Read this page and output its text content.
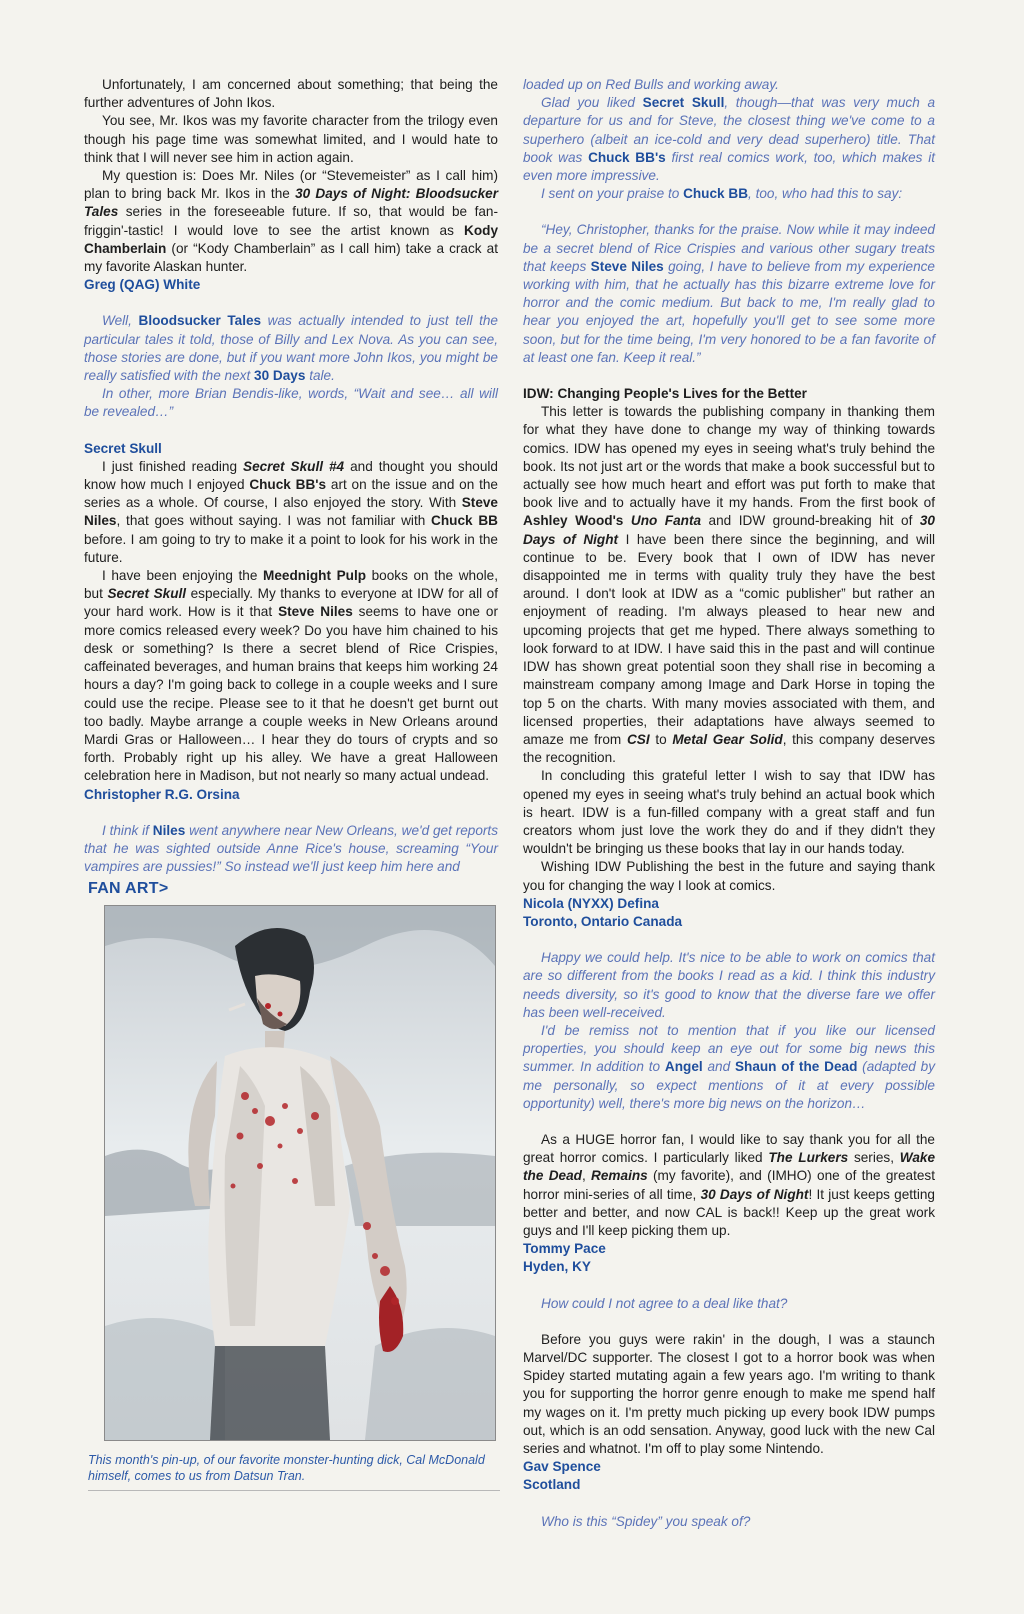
Unfortunately, I am concerned about something; that being the further adventures of John Ikos.

You see, Mr. Ikos was my favorite character from the trilogy even though his page time was somewhat limited, and I would hate to think that I will never see him in action again.

My question is: Does Mr. Niles (or “Stevemeister” as I call him) plan to bring back Mr. Ikos in the 30 Days of Night: Bloodsucker Tales series in the foreseeable future. If so, that would be fan-friggin'-tastic! I would love to see the artist known as Kody Chamberlain (or “Kody Chamberlain” as I call him) take a crack at my favorite Alaskan hunter.

Greg (QAG) White

Well, Bloodsucker Tales was actually intended to just tell the particular tales it told, those of Billy and Lex Nova. As you can see, those stories are done, but if you want more John Ikos, you might be really satisfied with the next 30 Days tale.

In other, more Brian Bendis-like, words, “Wait and see… all will be revealed…”

Secret Skull

I just finished reading Secret Skull #4 and thought you should know how much I enjoyed Chuck BB's art on the issue and on the series as a whole. Of course, I also enjoyed the story. With Steve Niles, that goes without saying. I was not familiar with Chuck BB before. I am going to try to make it a point to look for his work in the future.

I have been enjoying the Meednight Pulp books on the whole, but Secret Skull especially. My thanks to everyone at IDW for all of your hard work. How is it that Steve Niles seems to have one or more comics released every week? Do you have him chained to his desk or something? Is there a secret blend of Rice Crispies, caffeinated beverages, and human brains that keeps him working 24 hours a day? I'm going back to college in a couple weeks and I sure could use the recipe. Please see to it that he doesn't get burnt out too badly. Maybe arrange a couple weeks in New Orleans around Mardi Gras or Halloween… I hear they do tours of crypts and so forth. Probably right up his alley. We have a great Halloween celebration here in Madison, but not nearly so many actual undead.

Christopher R.G. Orsina

I think if Niles went anywhere near New Orleans, we'd get reports that he was sighted outside Anne Rice's house, screaming “Your vampires are pussies!” So instead we'll just keep him here and

FAN ART>
This month's pin-up, of our favorite monster-hunting dick, Cal McDonald himself, comes to us from Datsun Tran.

loaded up on Red Bulls and working away.

Glad you liked Secret Skull, though—that was very much a departure for us and for Steve, the closest thing we've come to a superhero (albeit an ice-cold and very dead superhero) title. That book was Chuck BB's first real comics work, too, which makes it even more impressive.

I sent on your praise to Chuck BB, too, who had this to say:

“Hey, Christopher, thanks for the praise. Now while it may indeed be a secret blend of Rice Crispies and various other sugary treats that keeps Steve Niles going, I have to believe from my experience working with him, that he actually has this bizarre extreme love for horror and the comic medium. But back to me, I'm really glad to hear you enjoyed the art, hopefully you'll get to see some more soon, but for the time being, I'm very honored to be a fan favorite of at least one fan. Keep it real.”

IDW: Changing People's Lives for the Better

This letter is towards the publishing company in thanking them for what they have done to change my way of thinking towards comics. IDW has opened my eyes in seeing what's truly behind the book. Its not just art or the words that make a book successful but to actually see how much heart and effort was put forth to make that book live and to actually have it my hands. From the first book of Ashley Wood's Uno Fanta and IDW ground-breaking hit of 30 Days of Night I have been there since the beginning, and will continue to be. Every book that I own of IDW has never disappointed me in terms with quality truly they have the best around. I don't look at IDW as a “comic publisher” but rather an enjoyment of reading. I'm always pleased to hear new and upcoming projects that get me hyped. There always something to look forward to at IDW. I have said this in the past and will continue IDW has shown great potential soon they shall rise in becoming a mainstream company among Image and Dark Horse in toping the top 5 on the charts. With many movies associated with them, and licensed properties, their adaptations have always seemed to amaze me from CSI to Metal Gear Solid, this company deserves the recognition.

In concluding this grateful letter I wish to say that IDW has opened my eyes in seeing what's truly behind an actual book which is heart. IDW is a fun-filled company with a great staff and fun creators whom just love the work they do and if they didn't they wouldn't be bringing us these books that lay in our hands today.

Wishing IDW Publishing the best in the future and saying thank you for changing the way I look at comics.

Nicola (NYXX) Defina
Toronto, Ontario Canada

Happy we could help. It's nice to be able to work on comics that are so different from the books I read as a kid. I think this industry needs diversity, so it's good to know that the diverse fare we offer has been well-received.

I'd be remiss not to mention that if you like our licensed properties, you should keep an eye out for some big news this summer. In addition to Angel and Shaun of the Dead (adapted by me personally, so expect mentions of it at every possible opportunity) well, there's more big news on the horizon…

As a HUGE horror fan, I would like to say thank you for all the great horror comics. I particularly liked The Lurkers series, Wake the Dead, Remains (my favorite), and (IMHO) one of the greatest horror mini-series of all time, 30 Days of Night! It just keeps getting better and better, and now CAL is back!! Keep up the great work guys and I'll keep picking them up.

Tommy Pace
Hyden, KY

How could I not agree to a deal like that?

Before you guys were rakin' in the dough, I was a staunch Marvel/DC supporter. The closest I got to a horror book was when Spidey started mutating again a few years ago. I'm writing to thank you for supporting the horror genre enough to make me spend half my wages on it. I'm pretty much picking up every book IDW pumps out, which is an odd sensation. Anyway, good luck with the new Cal series and whatnot. I'm off to play some Nintendo.

Gav Spence
Scotland

Who is this “Spidey” you speak of?
